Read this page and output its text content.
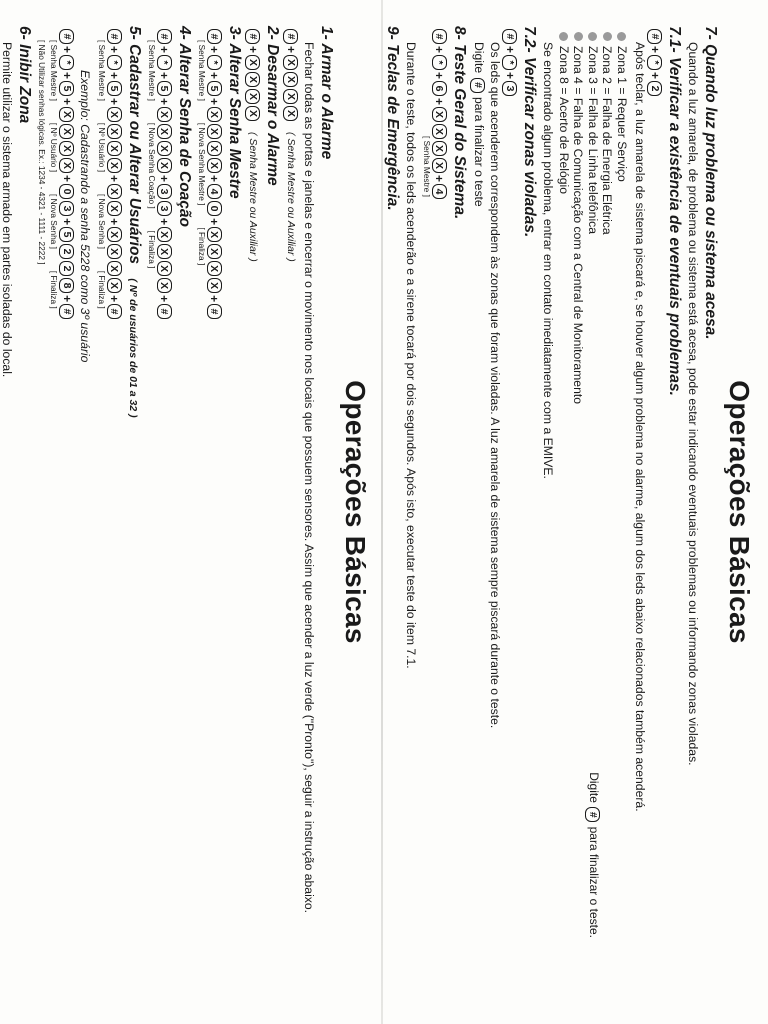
Operações Básicas
1- Armar o Alarme

Fechar todas as portas e janelas e encerrar o movimento nos locais que possuem sensores. Assim que acender a luz verde ("Pronto"), seguir a instrução abaixo.

#
+
X
X
X
X
( Senha Mestre ou Auxiliar )
2- Desarmar o Alarme
#
+
X
X
X
X
( Senha Mestre ou Auxiliar )
3- Alterar Senha Mestre
#
+
*
+
5
+
X
X
X
X
+
4
0
+
X
X
X
X
+
#
[ Senha Mestre ]
[ Nova Senha Mestre ]
[ Finaliza ]
4- Alterar Senha de Coação
#
+
*
+
5
+
X
X
X
X
+
3
3
+
X
X
X
X
+
#
[ Senha Mestre ]
[ Nova Senha Coação ]
[ Finaliza ]
5- Cadastrar ou Alterar Usuários ( Nº de usuários de 01 a 32 )
#
+
*
+
5
+
X
X
X
X
+
X
X
+
X
X
X
X
+
#
[ Senha Mestre ]
[ Nº Usuário ]
[ Nova Senha ]
[ Finaliza ]
Exemplo: Cadastrando a senha 5228 como 3º usuário
#
+
*
+
5
+
X
X
X
X
+
0
3
+
5
2
2
8
+
#
[ Senha Mestre ]
[ Nº Usuário ]
[ Nova Senha ]
[ Finaliza ]
[ Não Utilizar senhas lógicas. Ex.: 1234 - 4321 - 1111 - 2222 ]
6- Inibir Zona

Permite utilizar o sistema armado em partes isoladas do local.

Operações Básicas
7- Quando luz problema ou sistema acesa.

Quando a luz amarela, de problema ou sistema está acesa, pode estar indicando eventuais problemas ou informando zonas violadas.

7.1- Verificar a existência de eventuais problemas.
#
+
*
+
2

Após teclar, a luz amarela de sistema piscará e, se houver algum problema no alarme, algum dos leds abaixo relacionados também acenderá.

Zona 1 = Requer Serviço
Zona 2 = Falha de Energia Elétrica
Zona 3 = Falha de Linha telefônica
Zona 4 = Falha de Comunicação com a Central de Monitoramento
Zona 8 = Acerto de Relógio
Digite # para finalizar o teste.

Se encontrado algum problema, entrar em contato imediatamente com a EMIVE.

7.2- Verificar zonas violadas.
#
+
*
+
3

Os leds que acenderem correspondem às zonas que foram violadas. A luz amarela de sistema sempre piscará durante o teste.

Digite # para finalizar o teste

8- Teste Geral do Sistema.
#
+
*
+
6
+
X
X
X
X
+
4
[ Senha Mestre ]

Durante o teste, todos os leds acenderão e a sirene tocará por dois segundos. Após isto, executar teste do item 7.1.

9- Teclas de Emergência.
